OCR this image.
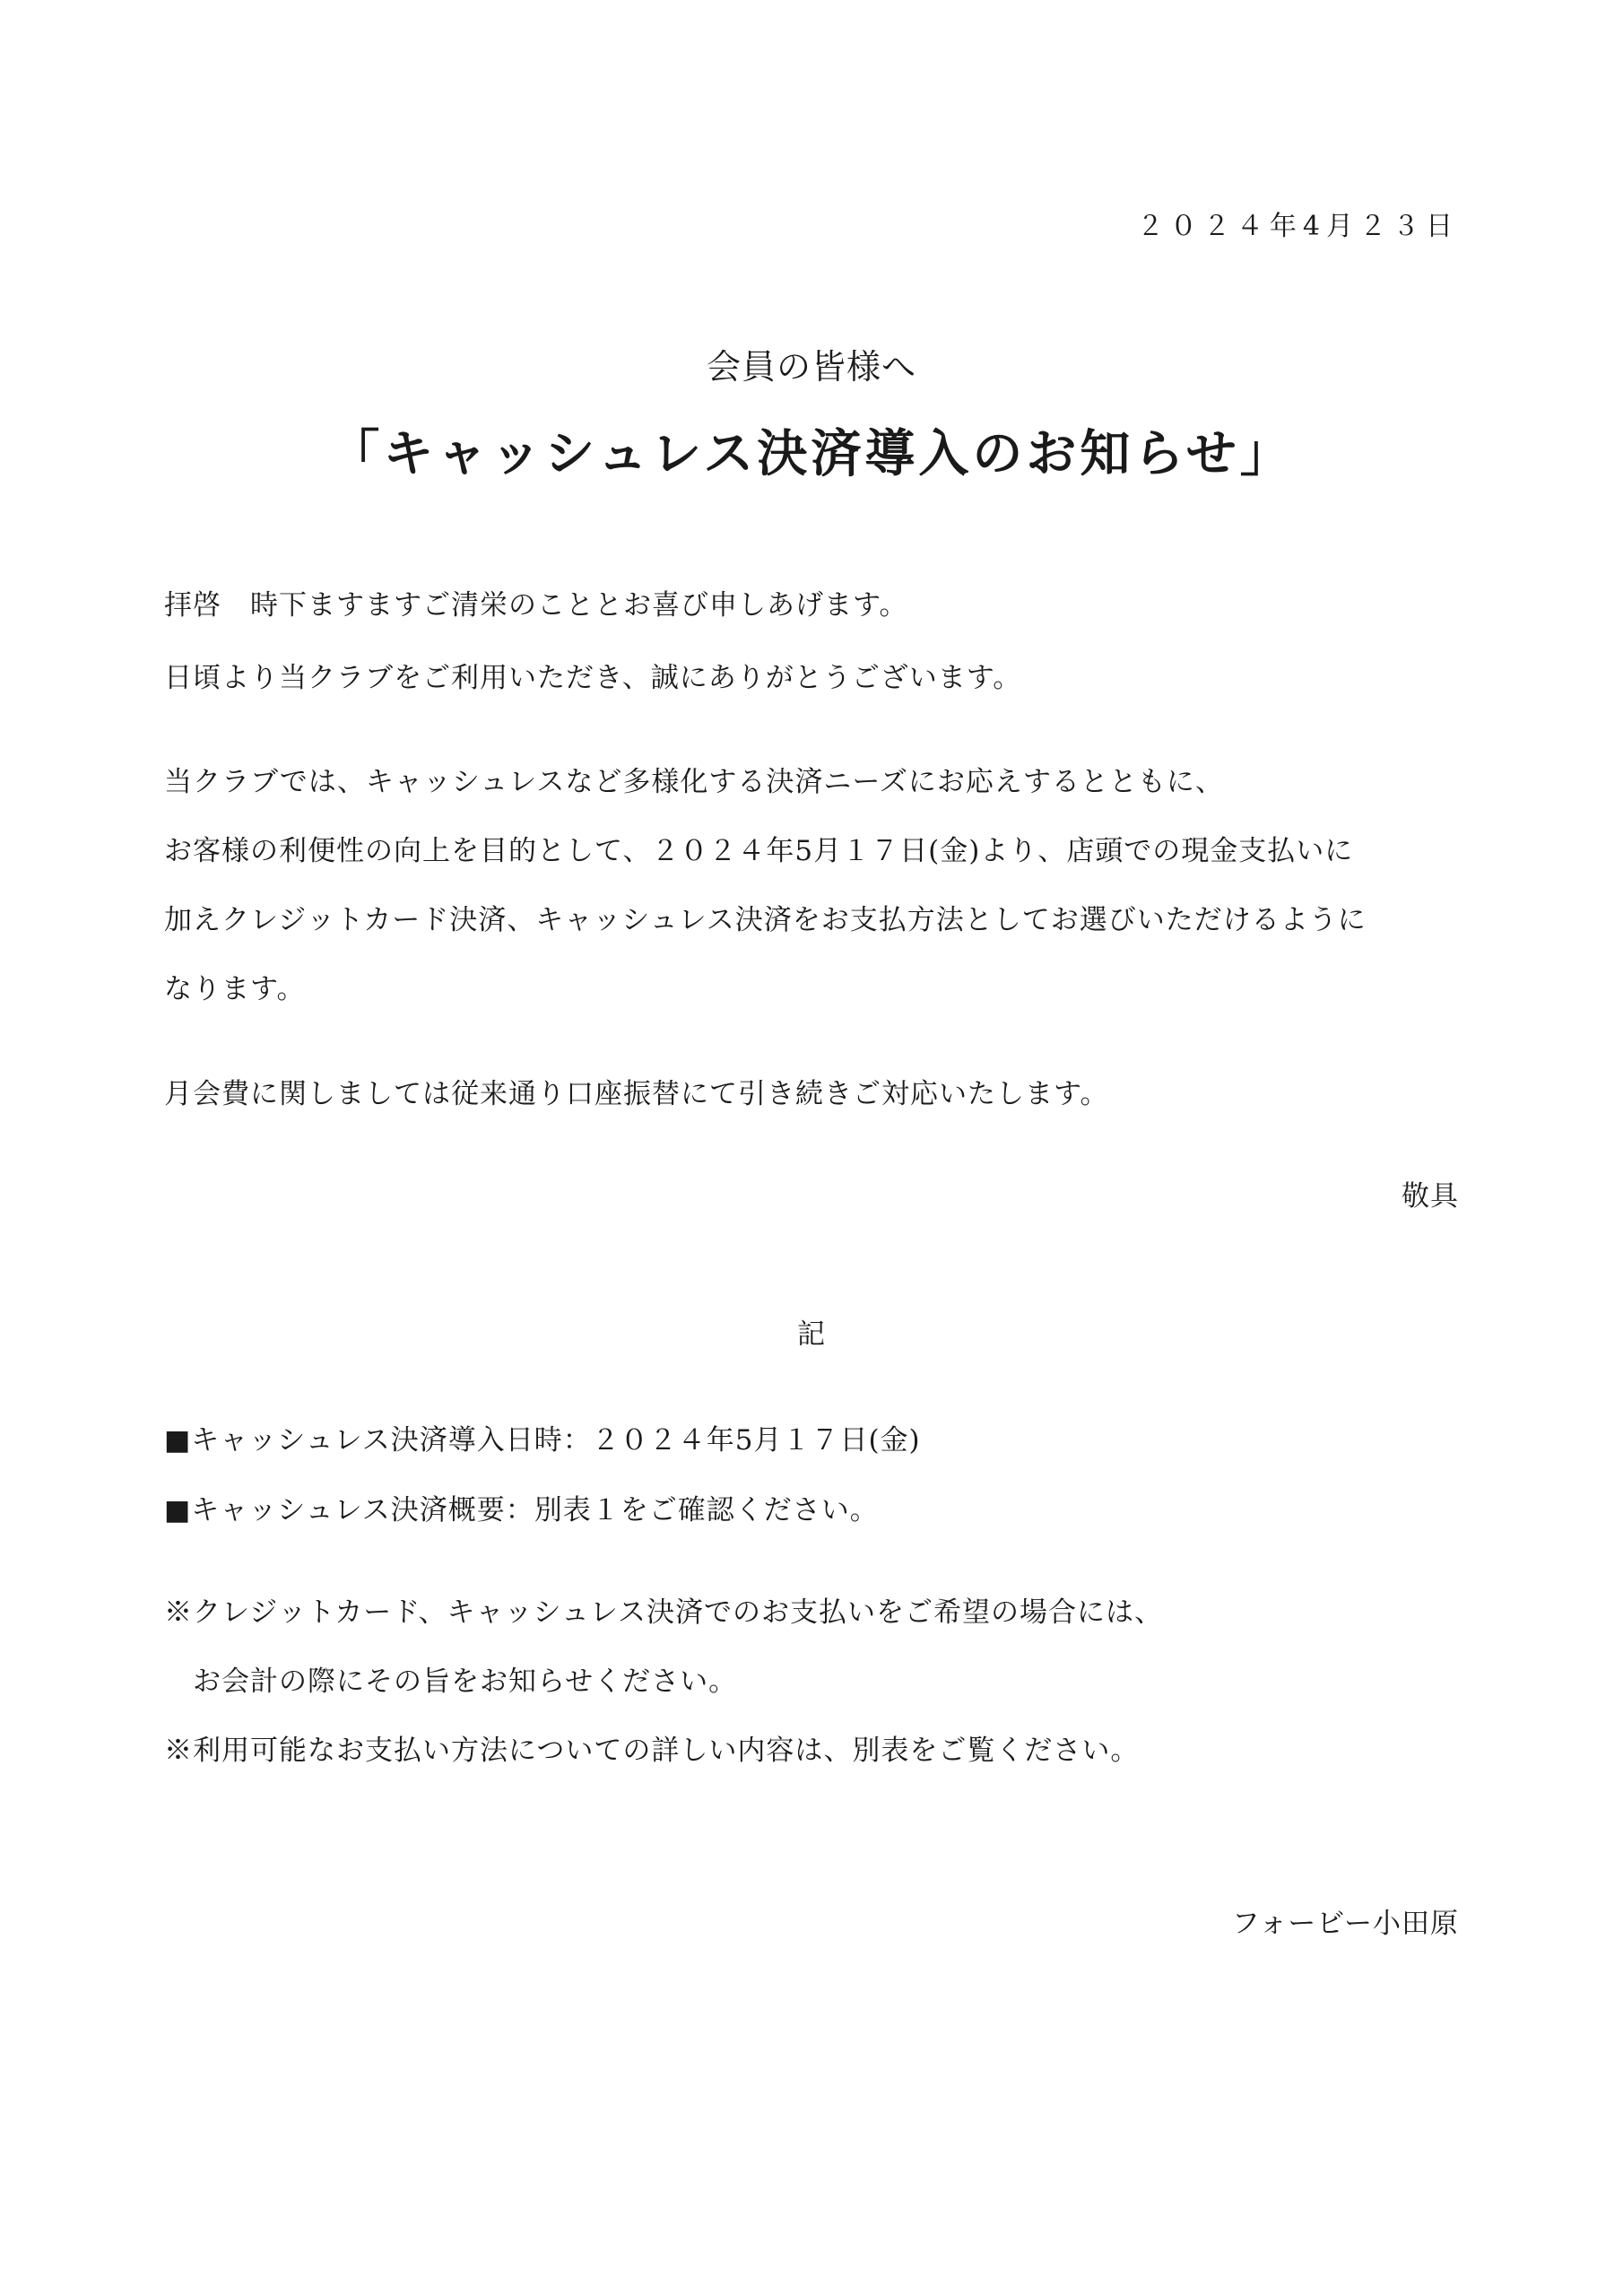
２０２４年4月２３日
会員の皆様へ
「キャッシュレス決済導入のお知らせ」
拝啓　時下ますますご清栄のこととお喜び申しあげます。
日頃より当クラブをご利用いただき、誠にありがとうございます。
当クラブでは、キャッシュレスなど多様化する決済ニーズにお応えするとともに、
お客様の利便性の向上を目的として、２０２４年5月１７日(金)より、店頭での現金支払いに
加えクレジットカード決済、キャッシュレス決済をお支払方法としてお選びいただけるように
なります。
月会費に関しましては従来通り口座振替にて引き続きご対応いたします。
敬具
記
■キャッシュレス決済導入日時：２０２４年5月１７日(金)
■キャッシュレス決済概要：別表１をご確認ください。
※クレジットカード、キャッシュレス決済でのお支払いをご希望の場合には、
お会計の際にその旨をお知らせください。
※利用可能なお支払い方法についての詳しい内容は、別表をご覧ください。
フォービー小田原
